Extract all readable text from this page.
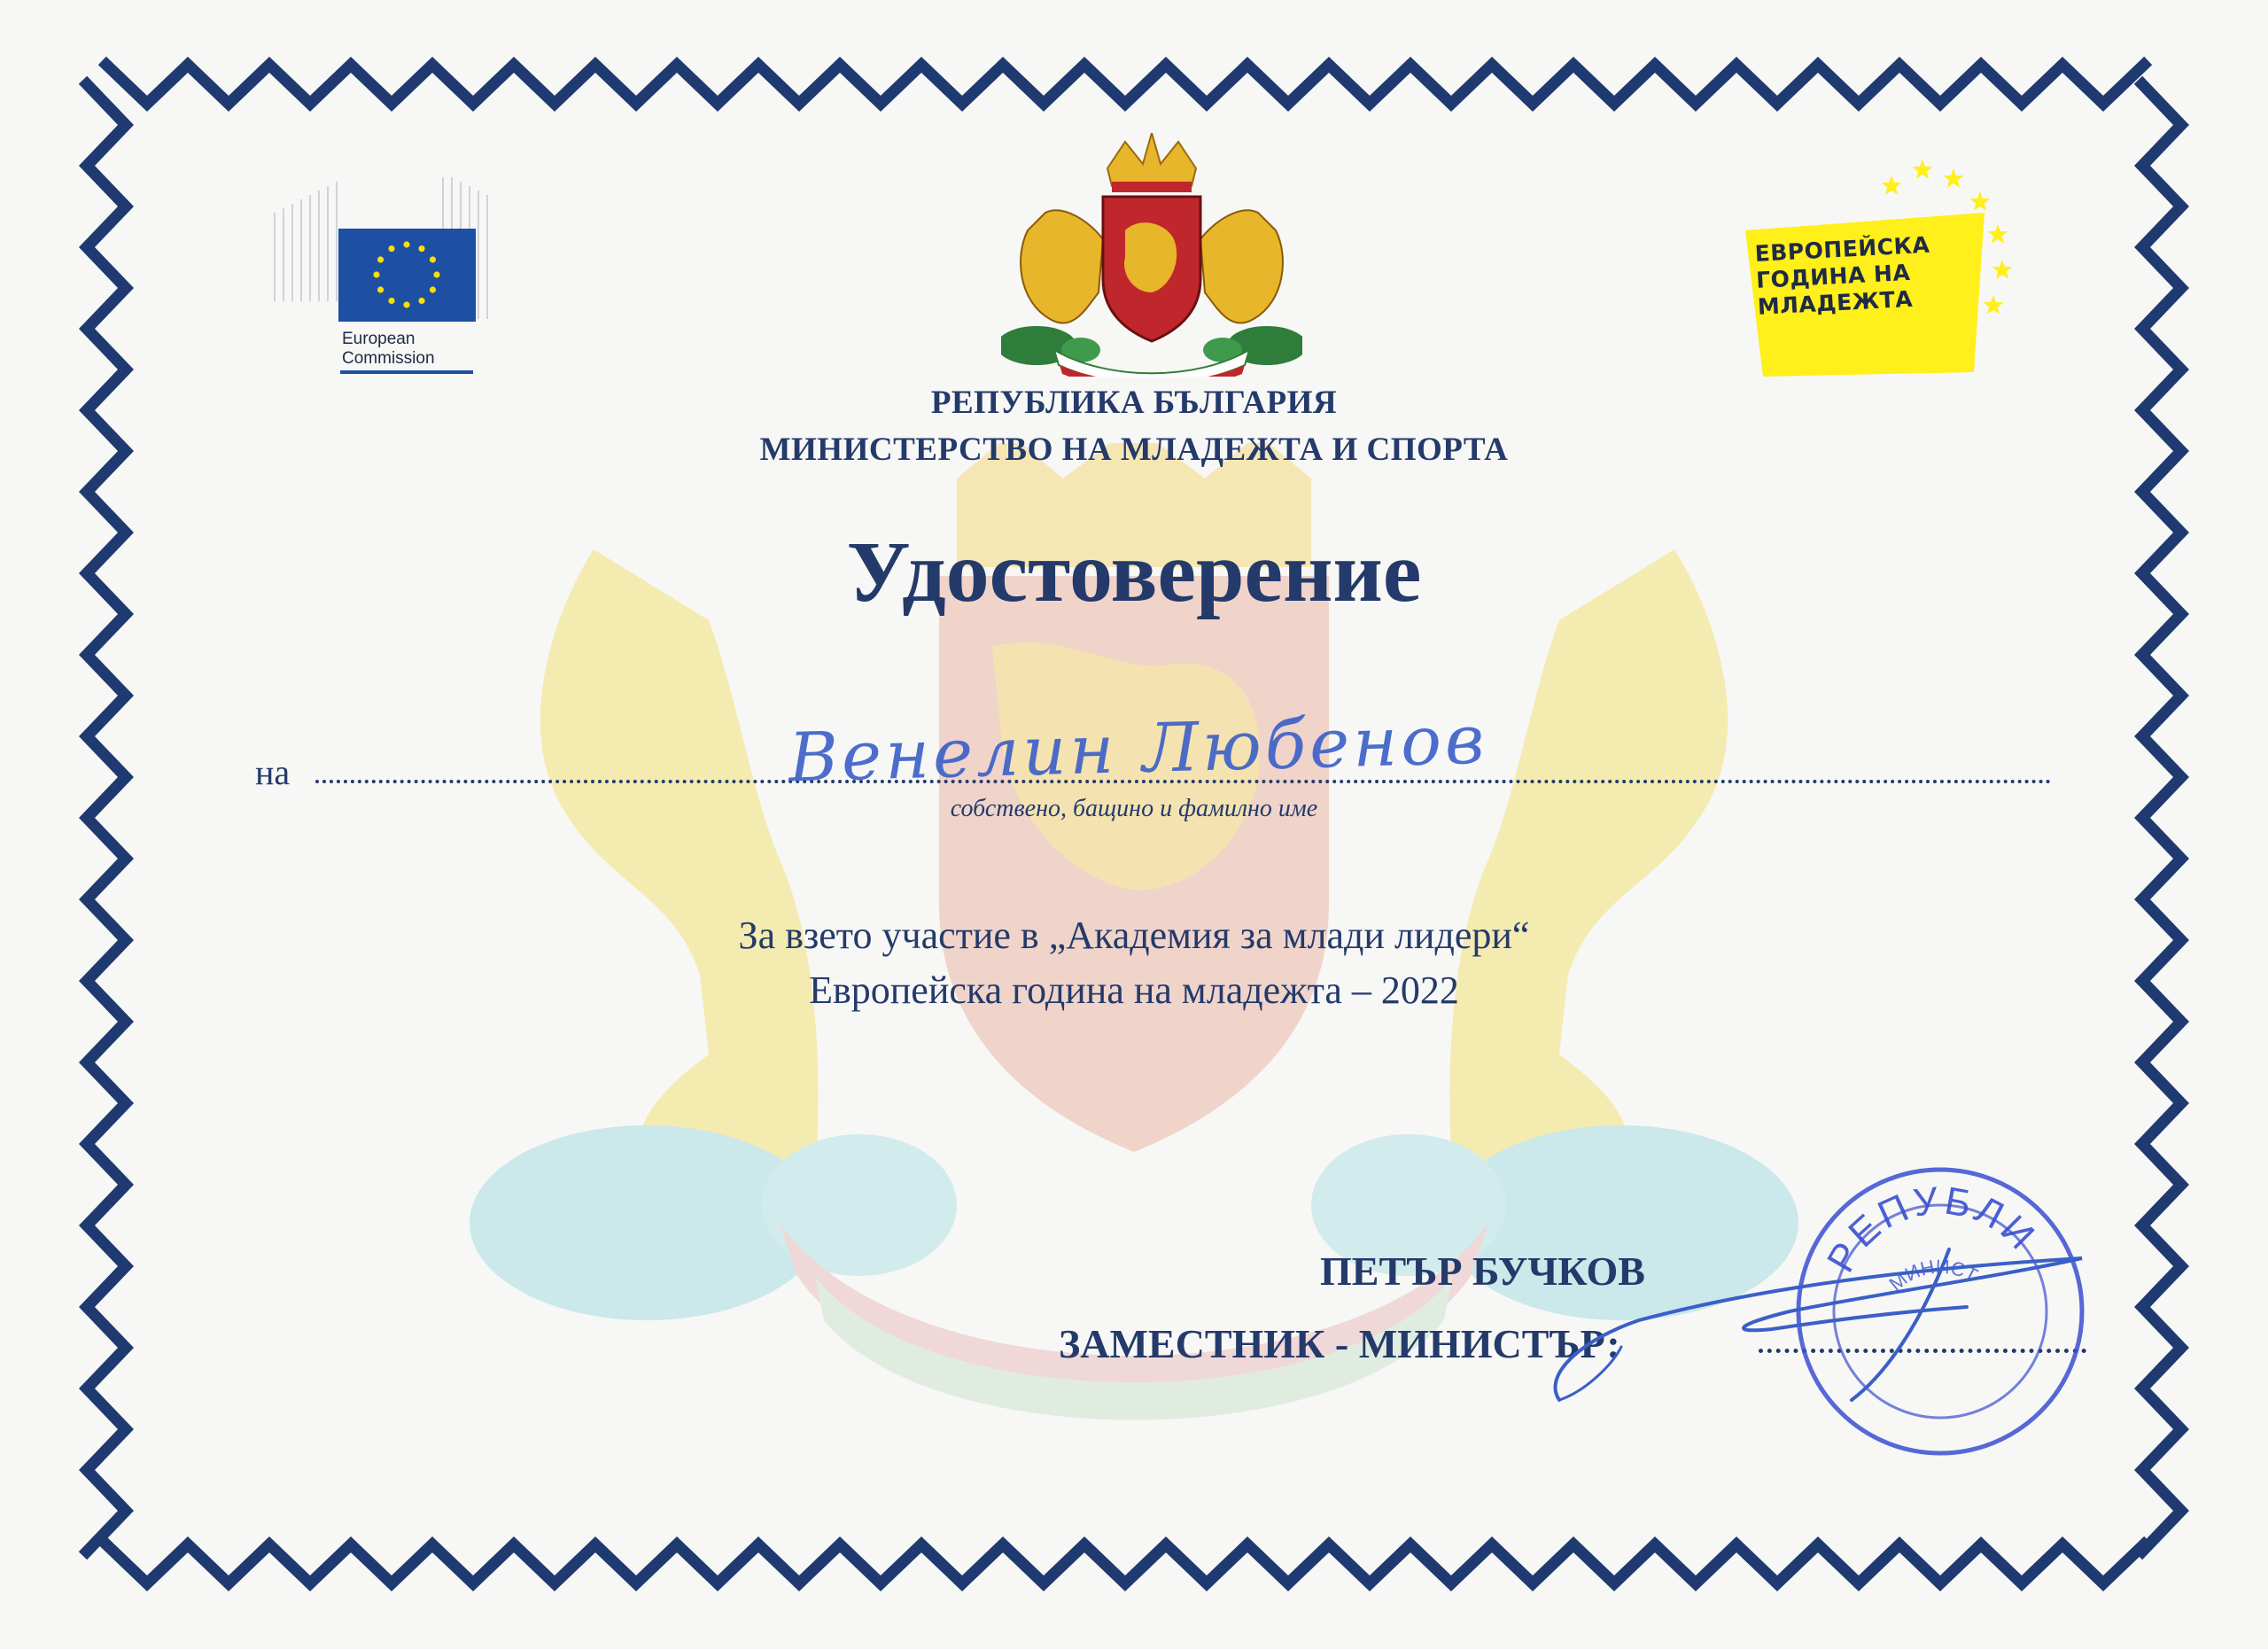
European
Commission
ЕВРОПЕЙСКА
ГОДИНА НА
МЛАДЕЖТА
РЕПУБЛИКА БЪЛГАРИЯ
МИНИСТЕРСТВО НА МЛАДЕЖТА И СПОРТА
Удостоверение
на	Венелин Любенов
собствено, бащино и фамилно име
За взето участие в „Академия за млади лидери“
Европейска година на младежта – 2022
ПЕТЪР БУЧКОВ
ЗАМЕСТНИК - МИНИСТЪР:
РЕПУБЛИ
МИНИСТ
